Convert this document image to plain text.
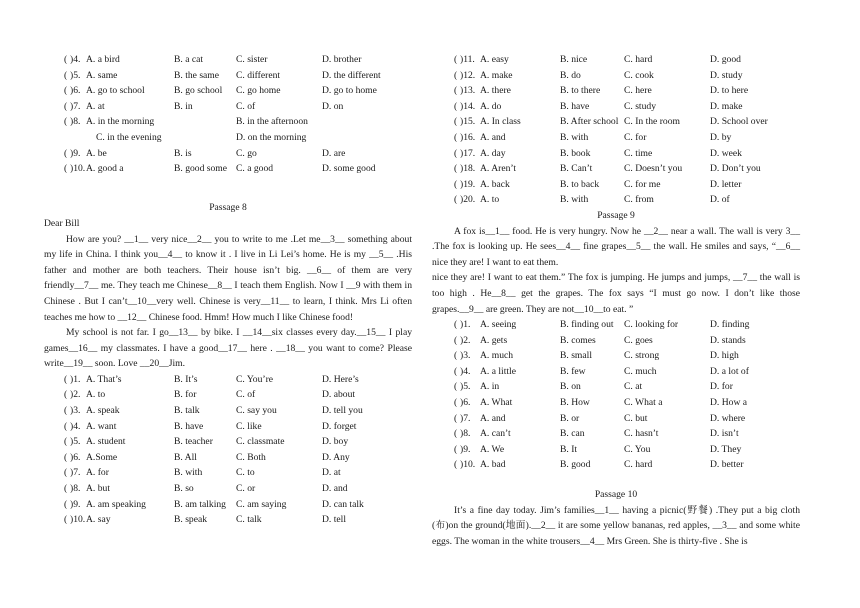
( )4. A. a bird	B. a cat	C. sister	D. brother
( )5. A. same	B. the same C. different	D. the different
( )6. A. go to school	B. go school C. go home	D. go to home
( )7. A. at	B. in	C. of	D. on
( )8. A. in the morning	B. in the afternoon
C. in the evening	D. on the morning
( )9. A. be	B. is	C. go	D. are
( )10. A. good a	B. good some C. a good	D. some good
Passage 8
Dear Bill

How are you? __1__ very nice__2__ you to write to me .Let me__3__ something about my life in China. I think you__4__ to know it . I live in Li Lei’s home. He is my __5__ .His father and mother are both teachers. Their house isn’t big. __6__ of them are very friendly__7__ me. They teach me Chinese__8__ I teach them English. Now I __9 with them in Chinese . But I can’t__10__very well. Chinese is very__11__ to learn, I think. Mrs Li often teaches me how to __12__ Chinese food. Hmm! How much I like Chinese food!

My school is not far. I go__13__ by bike. I __14__six classes every day.__15__ I play games__16__ my classmates. I have a good__17__ here . __18__ you want to come? Please write__19__ soon. Love __20__Jim.

( )1. A. That’s	B. It’s	C. You’re	D. Here’s
( )2. A. to	B. for	C. of	D. about
( )3. A. speak	B. talk	C. say you	D. tell you
( )4. A. want	B. have	C. like	D. forget
( )5. A. student	B. teacher C. classmate	D. boy
( )6. A.Some	B. All	C. Both	D. Any
( )7. A. for	B. with	C. to	D. at
( )8. A. but	B. so	C. or	D. and
( )9. A. am speaking	B. am talking C. am saying	D. can talk
( )10. A. say	B. speak	C. talk	D. tell
( )11. A. easy	B. nice	C. hard	D. good
( )12. A. make	B. do	C. cook	D. study
( )13. A. there	B. to there C. here	D. to here
( )14. A. do	B. have	C. study	D. make
( )15. A. In class	B. After school C. In the room	D. School over
( )16. A. and	B. with	C. for	D. by
( )17. A. day	B. book	C. time	D. week
( )18. A. Aren’t	B. Can’t	C. Doesn’t you	D. Don’t you
( )19. A. back	B. to back	C. for me	D. letter
( )20. A. to	B. with	C. from	D. of
Passage 9

A fox is__1__ food. He is very hungry. Now he __2__ near a wall. The wall is very 3__ .The fox is looking up. He sees__4__ fine grapes__5__ the wall. He smiles and says, “__6__ nice they are! I want to eat them.
nice they are! I want to eat them.” The fox is jumping. He jumps and jumps, __7__ the wall is too high . He__8__ get the grapes. The fox says “I must go now. I don’t like those grapes.__9__ are green. They are not__10__to eat. ”

( )1. A. seeing	B. finding out C. looking for	D. finding
( )2. A. gets	B. comes	C. goes	D. stands
( )3. A. much	B. small	C. strong	D. high
( )4. A. a little	B. few	C. much	D. a lot of
( )5. A. in	B. on	C. at	D. for
( )6. A. What	B. How	C. What a	D. How a
( )7. A. and	B. or	C. but	D. where
( )8. A. can’t	B. can	C. hasn’t	D. isn’t
( )9. A. We	B. It	C. You	D. They
( )10. A. bad	B. good	C. hard	D. better
Passage 10

It’s a fine day today. Jim’s families__1__ having a picnic(野餐) .They put a big cloth (布)on the ground(地面).__2__ it are some yellow bananas, red apples, __3__ and some white eggs. The woman in the white trousers__4__ Mrs Green. She is thirty-five . She is
